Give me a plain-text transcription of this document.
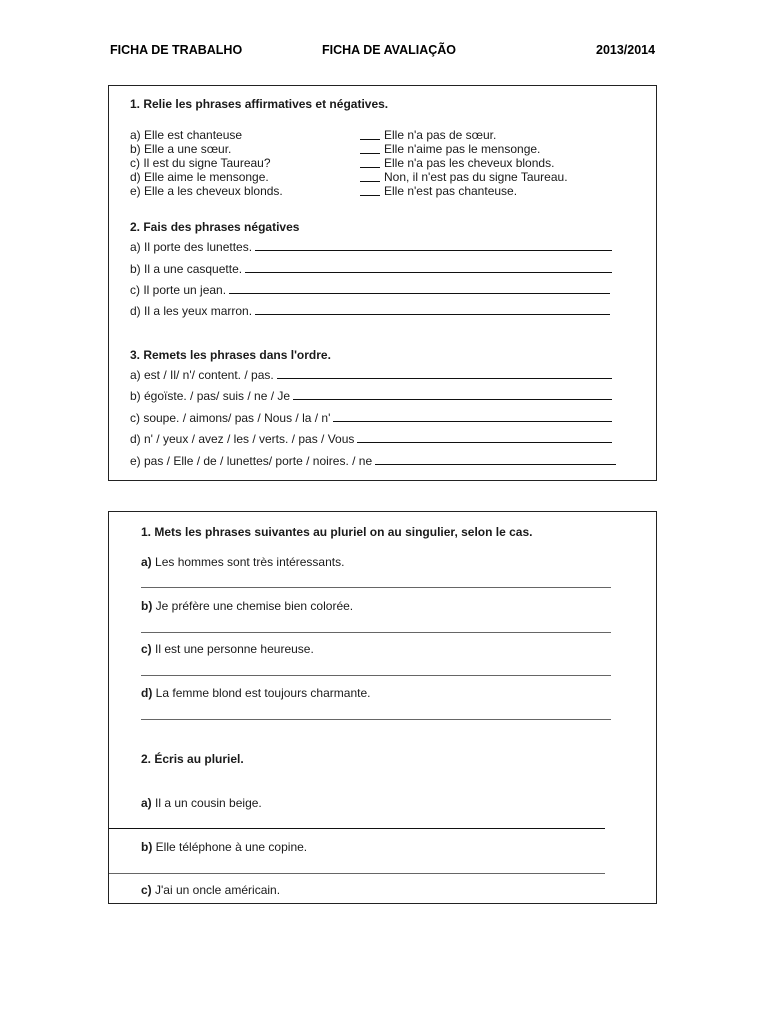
FICHA DE TRABALHO	FICHA DE AVALIAÇÃO	2013/2014
1. Relie les phrases affirmatives et négatives.
a) Elle est chanteuse
b) Elle a une sœur.
c) Il est du signe Taureau?
d) Elle aime le mensonge.
e) Elle a les cheveux blonds.
Elle n'a pas de sœur.
Elle n'aime pas le mensonge.
Elle n'a pas les cheveux blonds.
Non, il n'est pas du signe Taureau.
Elle n'est pas chanteuse.
2. Fais des phrases négatives
a) Il porte des lunettes.
b) Il a une casquette.
c) Il porte un jean.
d) Il a les yeux marron.
3. Remets les phrases dans l'ordre.
a) est / Il/ n'/ content. / pas.
b) égoïste. / pas/ suis / ne / Je
c) soupe. / aimons/ pas / Nous / la / n'
d) n' / yeux / avez / les / verts. / pas / Vous
e) pas / Elle / de / lunettes/ porte / noires. / ne
1. Mets les phrases suivantes au pluriel on au singulier, selon le cas.
a) Les hommes sont très intéressants.
b) Je préfère une chemise bien colorée.
c) Il est une personne heureuse.
d) La femme blond est toujours charmante.
2. Écris au pluriel.
a) Il a un cousin beige.
b) Elle téléphone à une copine.
c) J'ai un oncle américain.
